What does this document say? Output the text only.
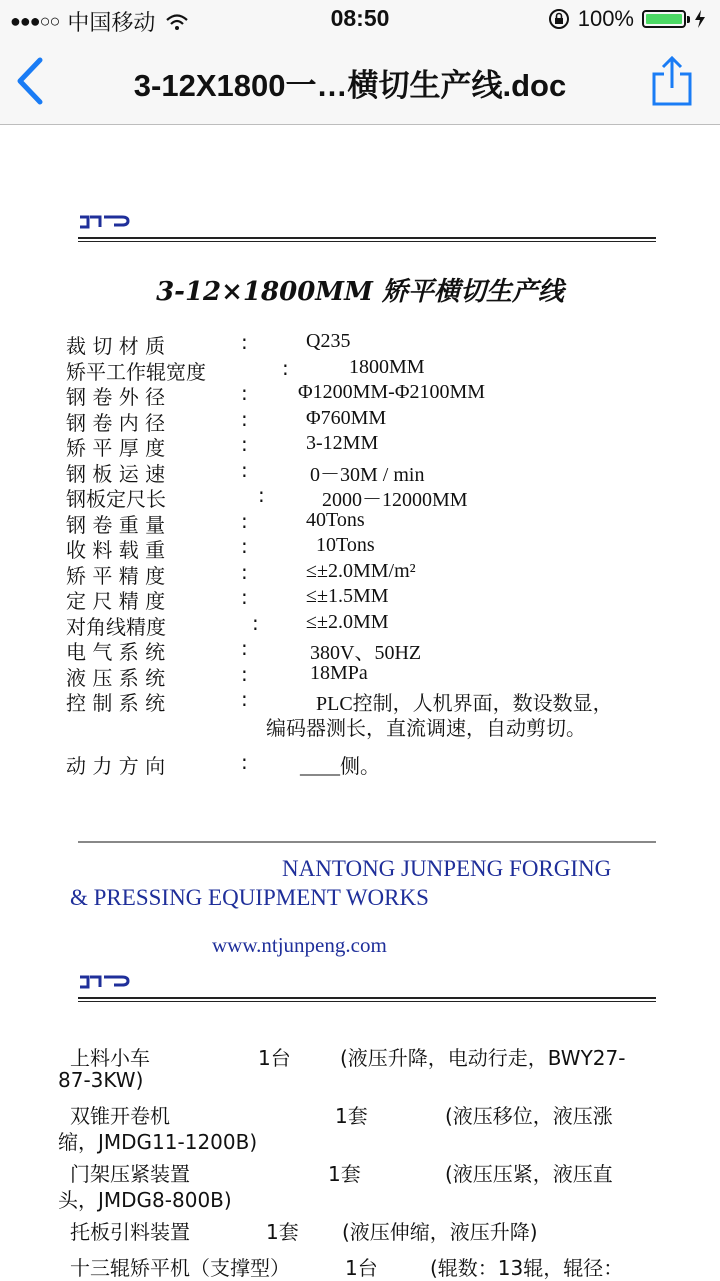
●●●○○ 中国移动	08:50	100%
3-12X1800一…横切生产线.doc
3-12×1800MM 矫平横切生产线
裁 切 材 质	:	Q235
矫平工作辊宽度	:	1800MM
钢 卷 外 径	:	Φ1200MM-Φ2100MM
钢 卷 内 径	:	Φ760MM
矫 平 厚 度	:	3-12MM
钢 板 运 速	:	0－30M / min
钢板定尺长	:	2000－12000MM
钢 卷 重 量	:	40Tons
收 料 载 重	:	10Tons
矫 平 精 度	:	≤±2.0MM/m²
定 尺 精 度	:	≤±1.5MM
对角线精度	: ≤±2.0MM
电 气 系 统	:	380V、50HZ
液 压 系 统	:	18MPa
控 制 系 统	:	PLC控制，人机界面，数设数显，
编码器测长，直流调速，自动剪切。
动 力 方 向	:	____侧。
NANTONG JUNPENG FORGING
& PRESSING EQUIPMENT WORKS
www.ntjunpeng.com
上料小车	1台 (液压升降，电动行走，BWY27-
87-3KW)
双锥开卷机	1套	(液压移位，液压涨
缩，JMDG11-1200B)
门架压紧装置	1套	(液压压紧，液压直
头，JMDG8-800B)
托板引料装置	1套 (液压伸缩，液压升降)
十三辊矫平机（支撑型）	1台	(辊数：13辊，辊径：
